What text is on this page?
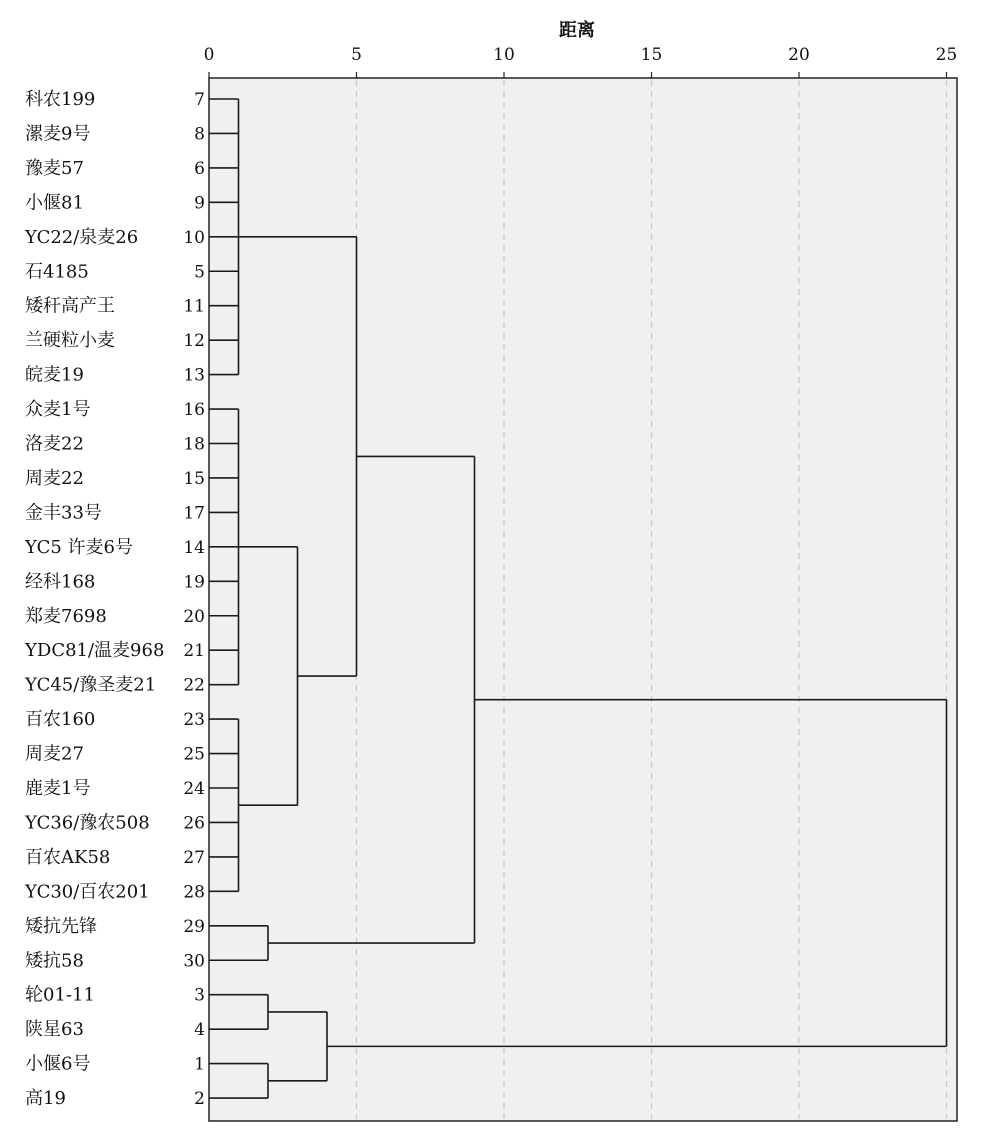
0	5	10	15	20	25
距离
科农199	7
漯麦9号	8
豫麦57	6
小偃81	9
YC22/泉麦26	10
石4185	5
矮秆高产王	11
兰硬粒小麦	12
皖麦19	13
众麦1号	16
洛麦22	18
周麦22	15
金丰33号	17
YC5 许麦6号	14
经科168	19
郑麦7698	20
YDC81/温麦968 21
YC45/豫圣麦21 22
百农160	23
周麦27	25
鹿麦1号	24
YC36/豫农508 26
百农AK58	27
YC30/百农201 28
矮抗先锋	29
矮抗58	30
轮01-11	3
陕星63	4
小偃6号	1
高19	2
